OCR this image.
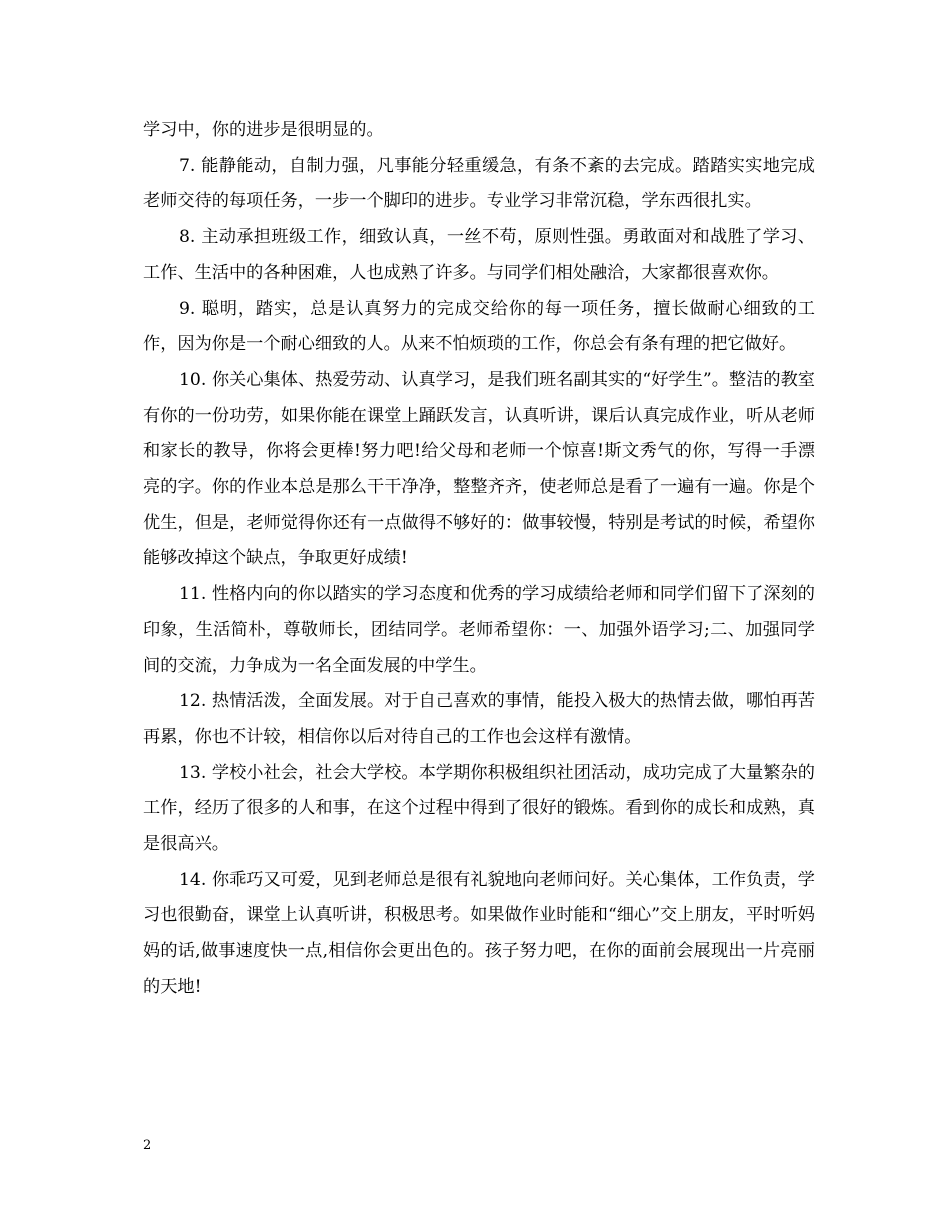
学习中，你的进步是很明显的。

7. 能静能动，自制力强，凡事能分轻重缓急，有条不紊的去完成。踏踏实实地完成老师交待的每项任务，一步一个脚印的进步。专业学习非常沉稳，学东西很扎实。

8. 主动承担班级工作，细致认真，一丝不苟，原则性强。勇敢面对和战胜了学习、工作、生活中的各种困难，人也成熟了许多。与同学们相处融洽，大家都很喜欢你。

9. 聪明，踏实，总是认真努力的完成交给你的每一项任务，擅长做耐心细致的工作，因为你是一个耐心细致的人。从来不怕烦琐的工作，你总会有条有理的把它做好。

10. 你关心集体、热爱劳动、认真学习，是我们班名副其实的“好学生”。整洁的教室有你的一份功劳，如果你能在课堂上踊跃发言，认真听讲，课后认真完成作业，听从老师和家长的教导，你将会更棒!努力吧!给父母和老师一个惊喜!斯文秀气的你，写得一手漂亮的字。你的作业本总是那么干干净净，整整齐齐，使老师总是看了一遍有一遍。你是个优生，但是，老师觉得你还有一点做得不够好的：做事较慢，特别是考试的时候，希望你能够改掉这个缺点，争取更好成绩!

11. 性格内向的你以踏实的学习态度和优秀的学习成绩给老师和同学们留下了深刻的印象，生活简朴，尊敬师长，团结同学。老师希望你：一、加强外语学习;二、加强同学间的交流，力争成为一名全面发展的中学生。

12. 热情活泼，全面发展。对于自己喜欢的事情，能投入极大的热情去做，哪怕再苦再累，你也不计较，相信你以后对待自己的工作也会这样有激情。

13. 学校小社会，社会大学校。本学期你积极组织社团活动，成功完成了大量繁杂的工作，经历了很多的人和事，在这个过程中得到了很好的锻炼。看到你的成长和成熟，真是很高兴。

14. 你乖巧又可爱，见到老师总是很有礼貌地向老师问好。关心集体，工作负责，学习也很勤奋，课堂上认真听讲，积极思考。如果做作业时能和“细心”交上朋友，平时听妈妈的话,做事速度快一点,相信你会更出色的。孩子努力吧，在你的面前会展现出一片亮丽的天地!

2
